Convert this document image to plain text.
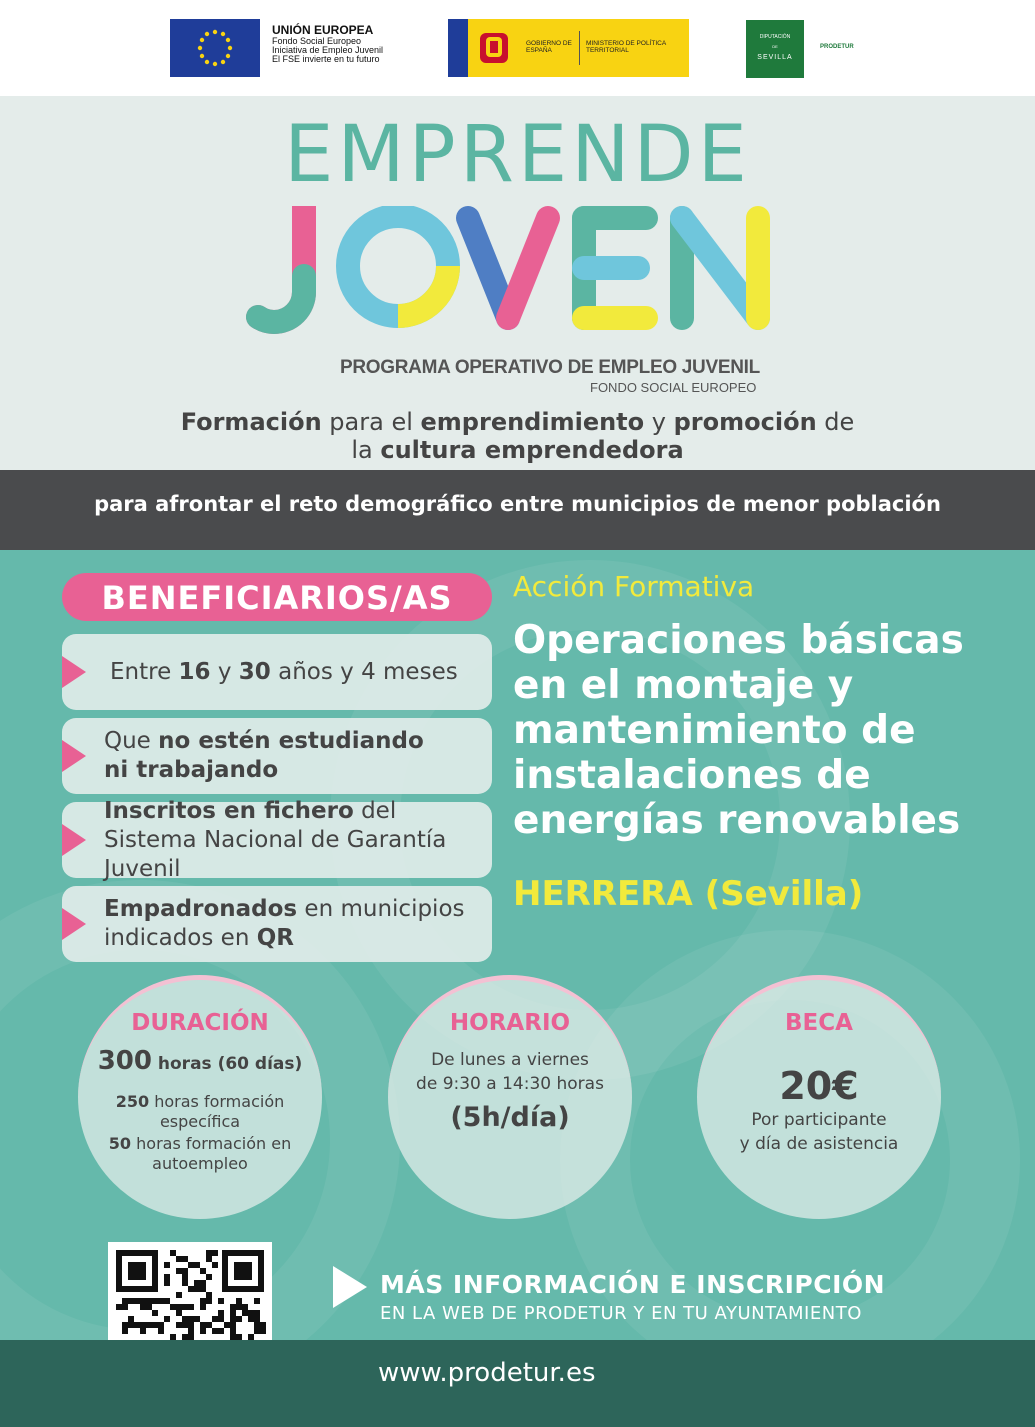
UNIÓN EUROPEA
Fondo Social Europeo
Iniciativa de Empleo Juvenil
El FSE invierte en tu futuro
GOBIERNO DE ESPAÑA
MINISTERIO DE POLÍTICA TERRITORIAL
DIPUTACIÓN
DE
SEVILLA
PRODETUR
EMPRENDE
JOVEN
PROGRAMA OPERATIVO DE EMPLEO JUVENIL
FONDO SOCIAL EUROPEO
Formación para el emprendimiento y promoción de
la cultura emprendedora
para afrontar el reto demográfico entre municipios de menor población
BENEFICIARIOS/AS
Entre 16 y 30 años y 4 meses
Que no estén estudiando
ni trabajando
Inscritos en fichero del Sistema Nacional de Garantía Juvenil
Empadronados en municipios indicados en QR
Acción Formativa
Operaciones básicas en el montaje y mantenimiento de instalaciones de energías renovables
HERRERA (Sevilla)
DURACIÓN
300 horas (60 días)
250 horas formación específica
50 horas formación en autoempleo
HORARIO
De lunes a viernes
de 9:30 a 14:30 horas
(5h/día)
BECA
20€
Por participante
y día de asistencia
MÁS INFORMACIÓN E INSCRIPCIÓN
EN LA WEB DE PRODETUR Y EN TU AYUNTAMIENTO
www.prodetur.es
